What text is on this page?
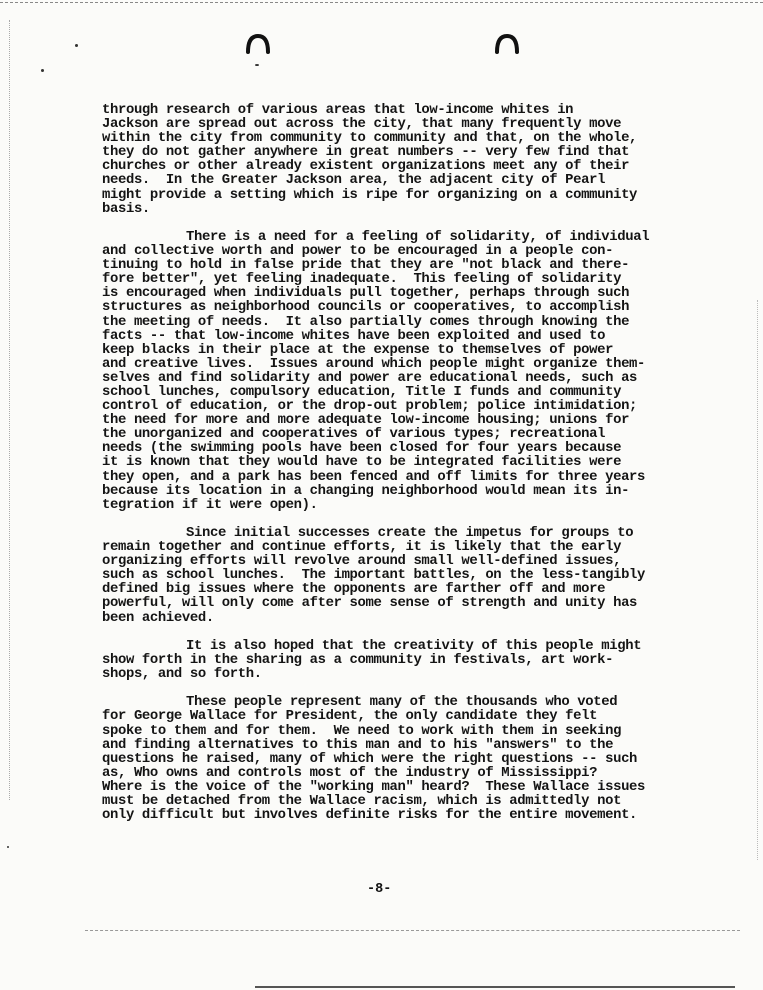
through research of various areas that low-income whites in
Jackson are spread out across the city, that many frequently move
within the city from community to community and that, on the whole,
they do not gather anywhere in great numbers -- very few find that
churches or other already existent organizations meet any of their
needs.  In the Greater Jackson area, the adjacent city of Pearl
might provide a setting which is ripe for organizing on a community
basis.
There is a need for a feeling of solidarity, of individual
and collective worth and power to be encouraged in a people con-
tinuing to hold in false pride that they are "not black and there-
fore better", yet feeling inadequate.  This feeling of solidarity
is encouraged when individuals pull together, perhaps through such
structures as neighborhood councils or cooperatives, to accomplish
the meeting of needs.  It also partially comes through knowing the
facts -- that low-income whites have been exploited and used to
keep blacks in their place at the expense to themselves of power
and creative lives.  Issues around which people might organize them-
selves and find solidarity and power are educational needs, such as
school lunches, compulsory education, Title I funds and community
control of education, or the drop-out problem; police intimidation;
the need for more and more adequate low-income housing; unions for
the unorganized and cooperatives of various types; recreational
needs (the swimming pools have been closed for four years because
it is known that they would have to be integrated facilities were
they open, and a park has been fenced and off limits for three years
because its location in a changing neighborhood would mean its in-
tegration if it were open).
Since initial successes create the impetus for groups to
remain together and continue efforts, it is likely that the early
organizing efforts will revolve around small well-defined issues,
such as school lunches.  The important battles, on the less-tangibly
defined big issues where the opponents are farther off and more
powerful, will only come after some sense of strength and unity has
been achieved.
It is also hoped that the creativity of this people might
show forth in the sharing as a community in festivals, art work-
shops, and so forth.
These people represent many of the thousands who voted
for George Wallace for President, the only candidate they felt
spoke to them and for them.  We need to work with them in seeking
and finding alternatives to this man and to his "answers" to the
questions he raised, many of which were the right questions -- such
as, Who owns and controls most of the industry of Mississippi?
Where is the voice of the "working man" heard?  These Wallace issues
must be detached from the Wallace racism, which is admittedly not
only difficult but involves definite risks for the entire movement.
-8-
